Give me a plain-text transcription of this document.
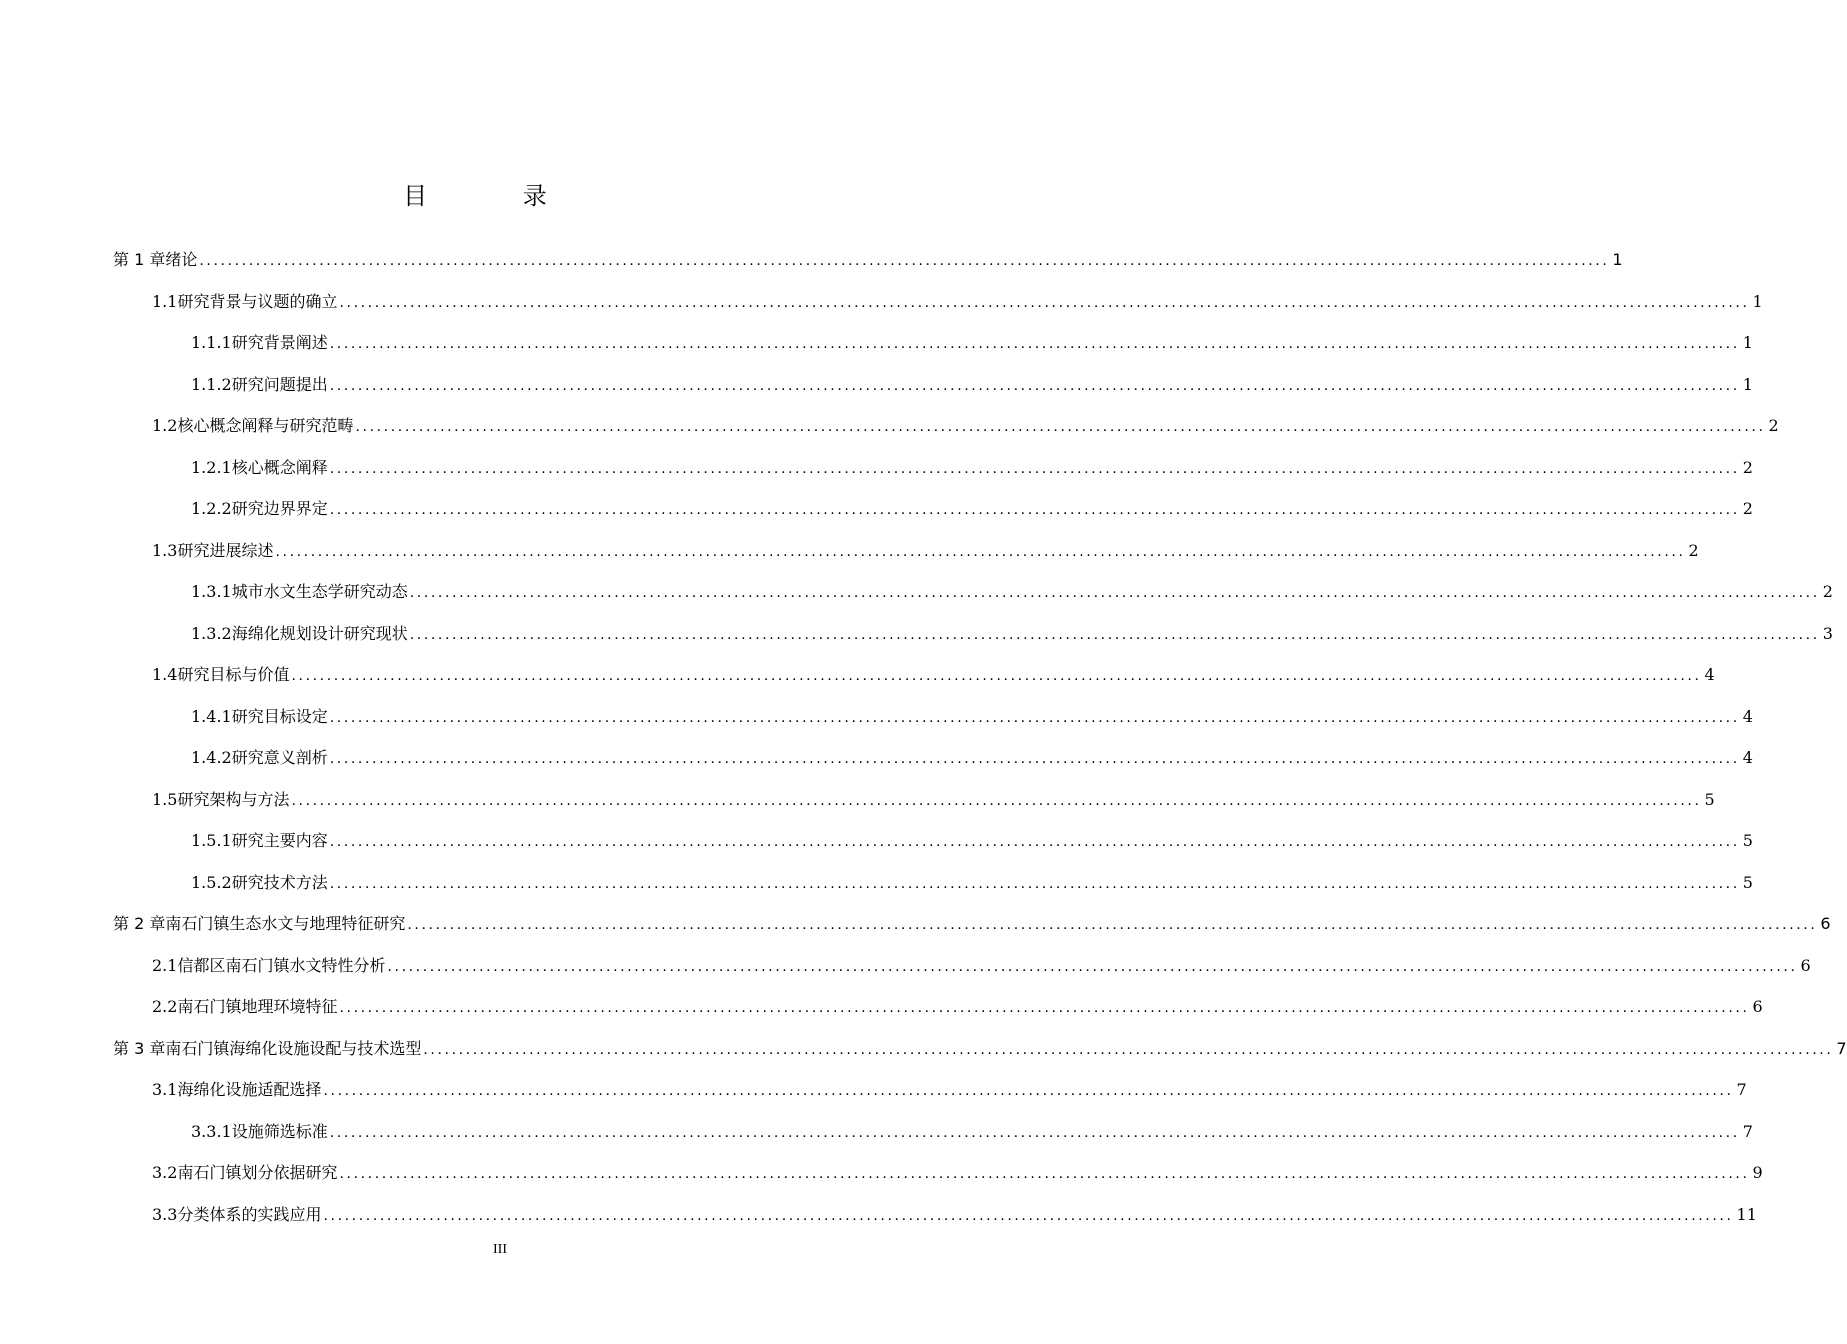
目 录
第 1 章 绪论 ........................................................................................................................................................................................................ 1
1.1 研究背景与议题的确立 ........................................................................................................................................................................................................ 1
1.1.1 研究背景阐述 ........................................................................................................................................................................................................ 1
1.1.2 研究问题提出 ........................................................................................................................................................................................................ 1
1.2 核心概念阐释与研究范畴 ........................................................................................................................................................................................................ 2
1.2.1 核心概念阐释 ........................................................................................................................................................................................................ 2
1.2.2 研究边界界定 ........................................................................................................................................................................................................ 2
1.3 研究进展综述 ........................................................................................................................................................................................................ 2
1.3.1 城市水文生态学研究动态 ........................................................................................................................................................................................................ 2
1.3.2 海绵化规划设计研究现状 ........................................................................................................................................................................................................ 3
1.4 研究目标与价值 ........................................................................................................................................................................................................ 4
1.4.1 研究目标设定 ........................................................................................................................................................................................................ 4
1.4.2 研究意义剖析 ........................................................................................................................................................................................................ 4
1.5 研究架构与方法 ........................................................................................................................................................................................................ 5
1.5.1 研究主要内容 ........................................................................................................................................................................................................ 5
1.5.2 研究技术方法 ........................................................................................................................................................................................................ 5
第 2 章 南石门镇生态水文与地理特征研究 ........................................................................................................................................................................................................ 6
2.1 信都区南石门镇水文特性分析 ........................................................................................................................................................................................................ 6
2.2 南石门镇地理环境特征 ........................................................................................................................................................................................................ 6
第 3 章 南石门镇海绵化设施设配与技术选型 ........................................................................................................................................................................................................ 7
3.1 海绵化设施适配选择 ........................................................................................................................................................................................................ 7
3.3.1 设施筛选标准 ........................................................................................................................................................................................................ 7
3.2 南石门镇划分依据研究 ........................................................................................................................................................................................................ 9
3.3 分类体系的实践应用 ........................................................................................................................................................................................................ 11
III
